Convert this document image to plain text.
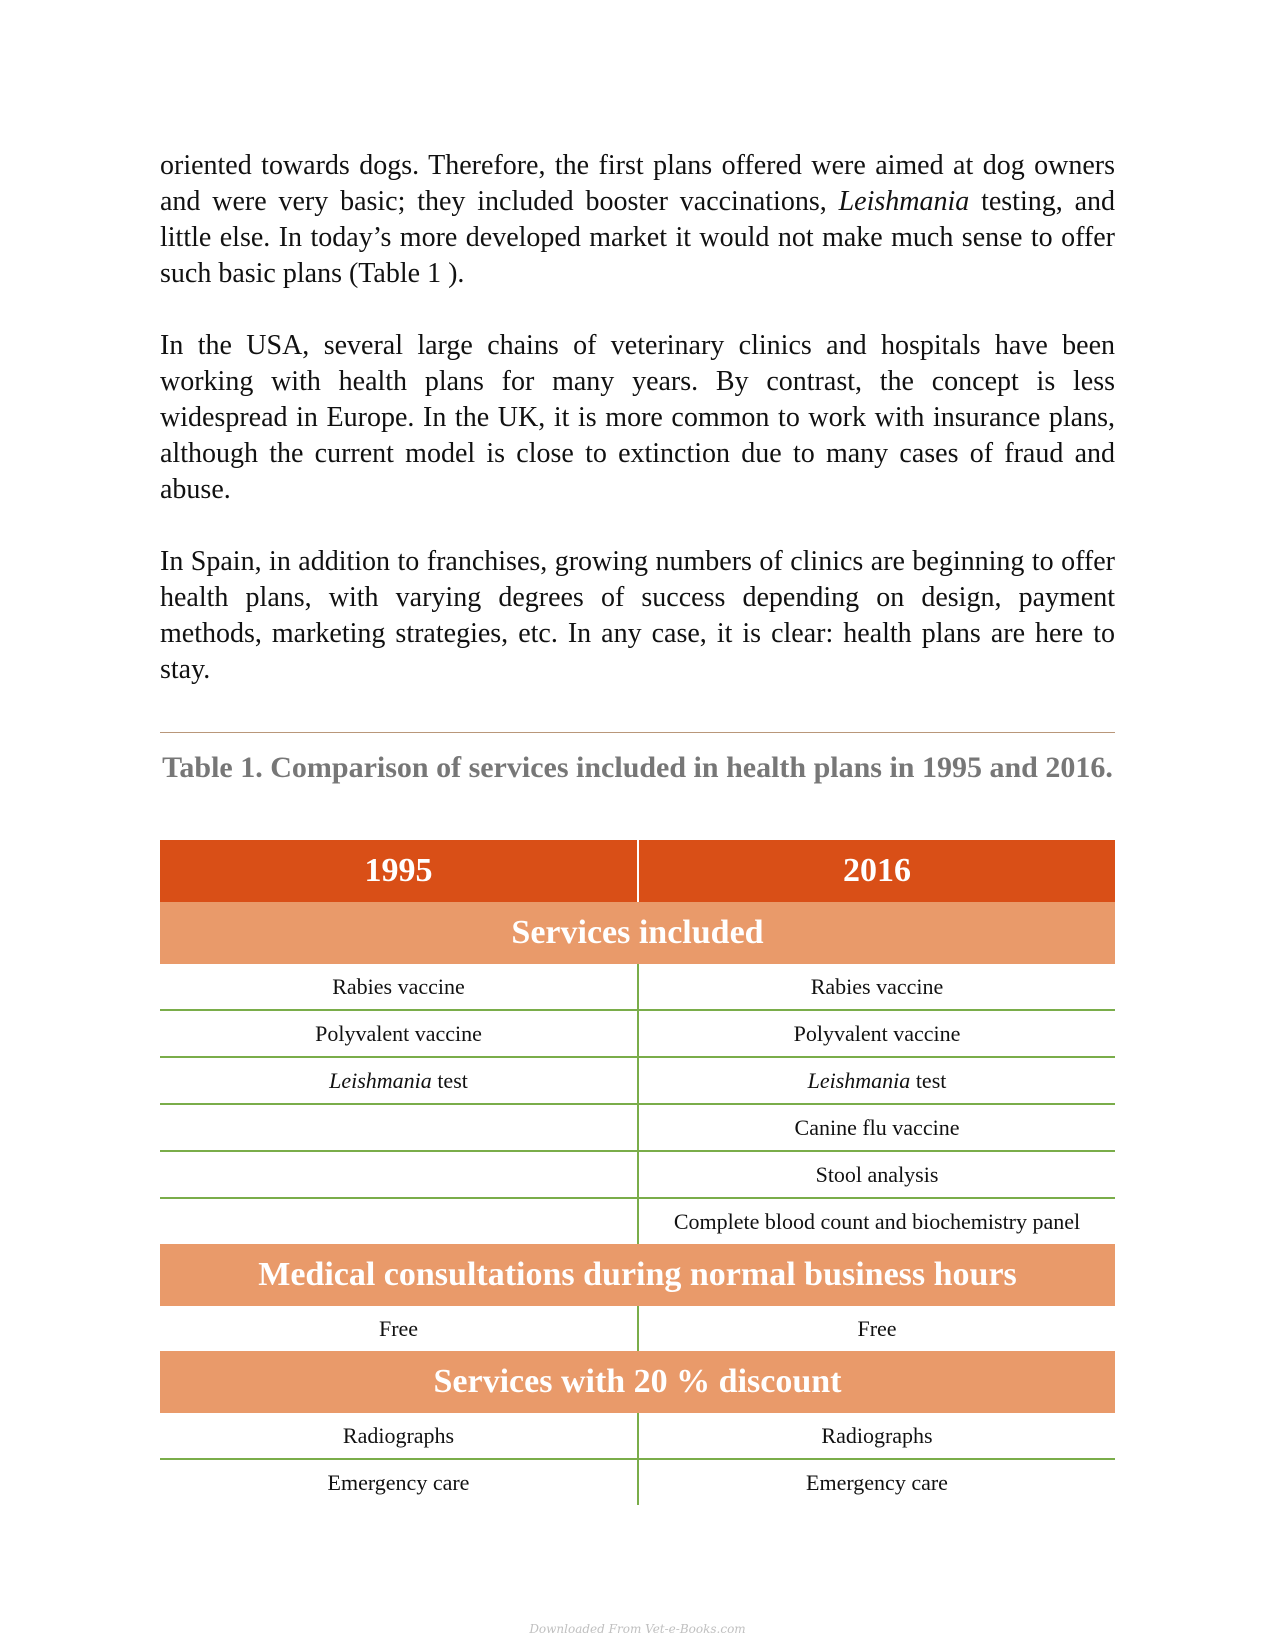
oriented towards dogs. Therefore, the first plans offered were aimed at dog owners and were very basic; they included booster vaccinations, Leishmania testing, and little else. In today’s more developed market it would not make much sense to offer such basic plans (Table 1 ).

In the USA, several large chains of veterinary clinics and hospitals have been working with health plans for many years. By contrast, the concept is less widespread in Europe. In the UK, it is more common to work with insurance plans, although the current model is close to extinction due to many cases of fraud and abuse.

In Spain, in addition to franchises, growing numbers of clinics are beginning to offer health plans, with varying degrees of success depending on design, payment methods, marketing strategies, etc. In any case, it is clear: health plans are here to stay.

Table 1. Comparison of services included in health plans in 1995 and 2016.
1995	2016
Services included	
Rabies vaccine	Rabies vaccine
Polyvalent vaccine	Polyvalent vaccine
Leishmania test	Leishmania test
	Canine flu vaccine
	Stool analysis
	Complete blood count and biochemistry panel
Medical consultations during normal business hours	
Free	Free
Services with 20 % discount	
Radiographs	Radiographs
Emergency care	Emergency care
Downloaded From Vet-e-Books.com
